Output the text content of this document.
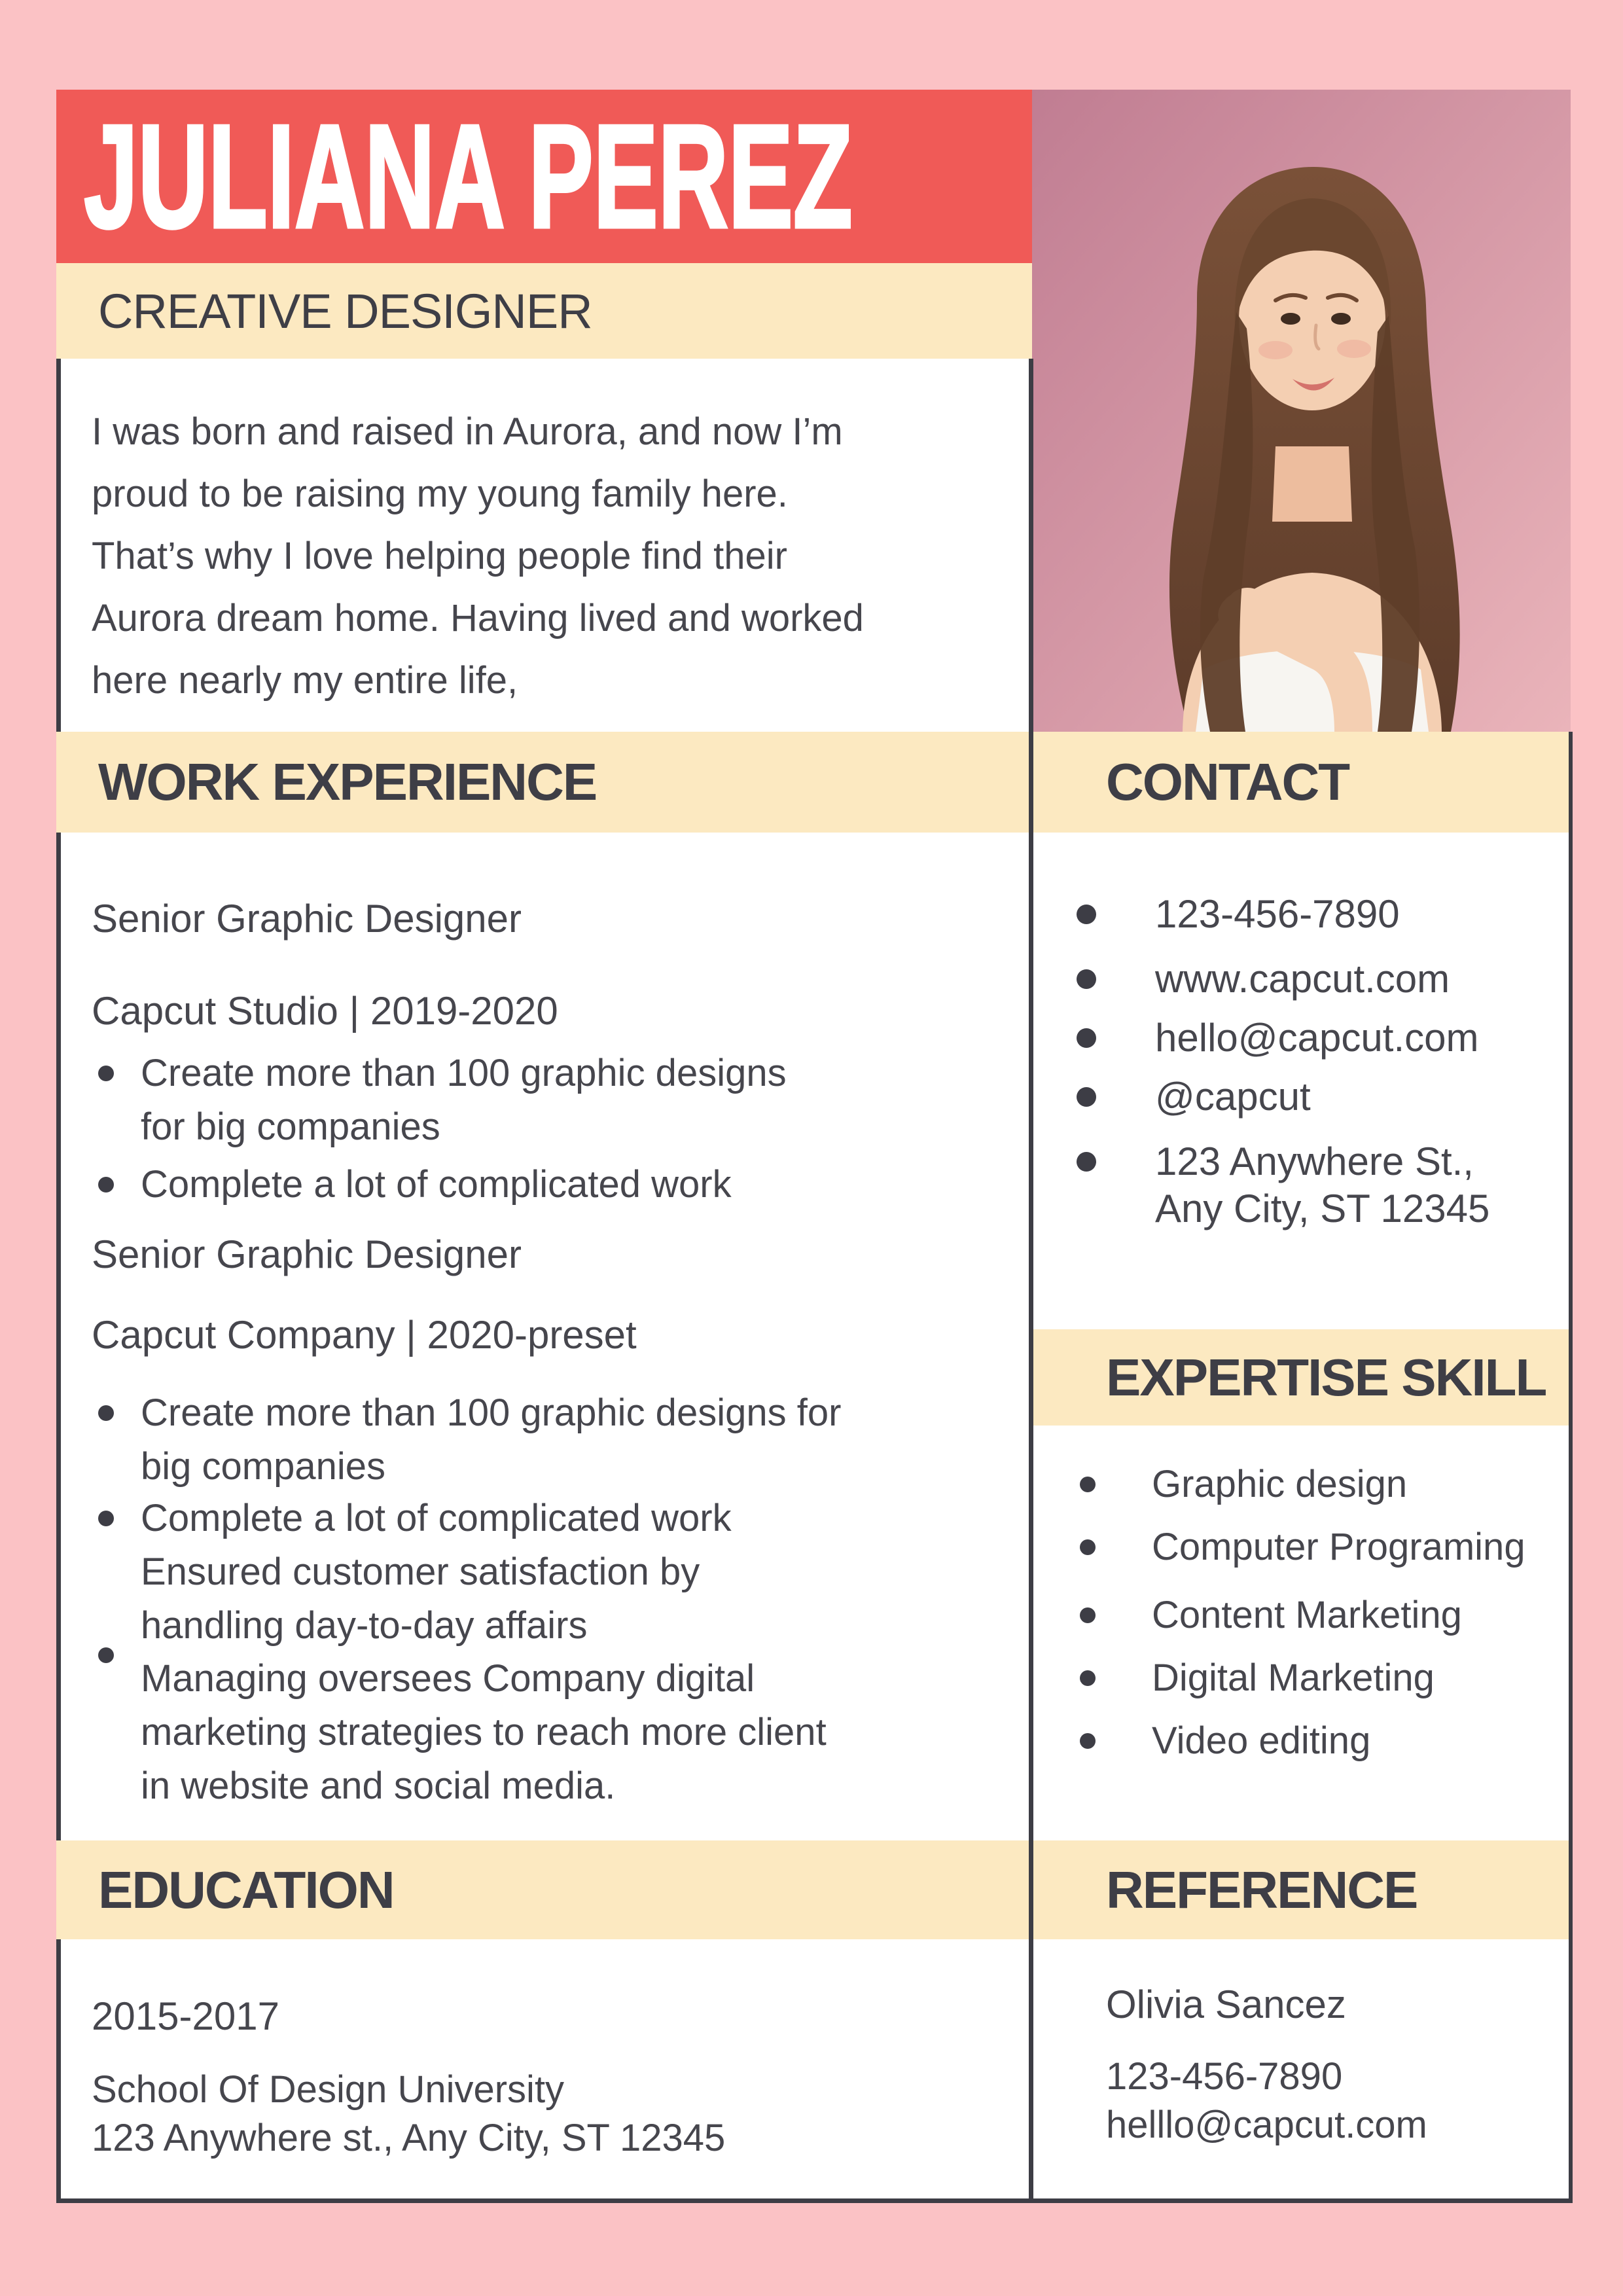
JULIANA PEREZ
CREATIVE DESIGNER
I was born and raised in Aurora, and now I’m
proud to be raising my young family here.
That’s why I love helping people find their
Aurora dream home. Having lived and worked
here nearly my entire life,
WORK EXPERIENCE	CONTACT
EXPERTISE SKILL
EDUCATION	REFERENCE
Senior Graphic Designer
Capcut Studio | 2019-2020
Create more than 100 graphic designs
for big companies
Complete a lot of complicated work
Senior Graphic Designer
Capcut Company | 2020-preset
Create more than 100 graphic designs for
big companies
Complete a lot of complicated work
Ensured customer satisfaction by
handling day-to-day affairs
Managing oversees Company digital
marketing strategies to reach more client
in website and social media.
123-456-7890
www.capcut.com
hello@capcut.com
@capcut
123 Anywhere St.,
Any City, ST 12345
Graphic design
Computer Programing
Content Marketing
Digital Marketing
Video editing
2015-2017
School Of Design University
123 Anywhere st., Any City, ST 12345
Olivia Sancez
123-456-7890
helllo@capcut.com
